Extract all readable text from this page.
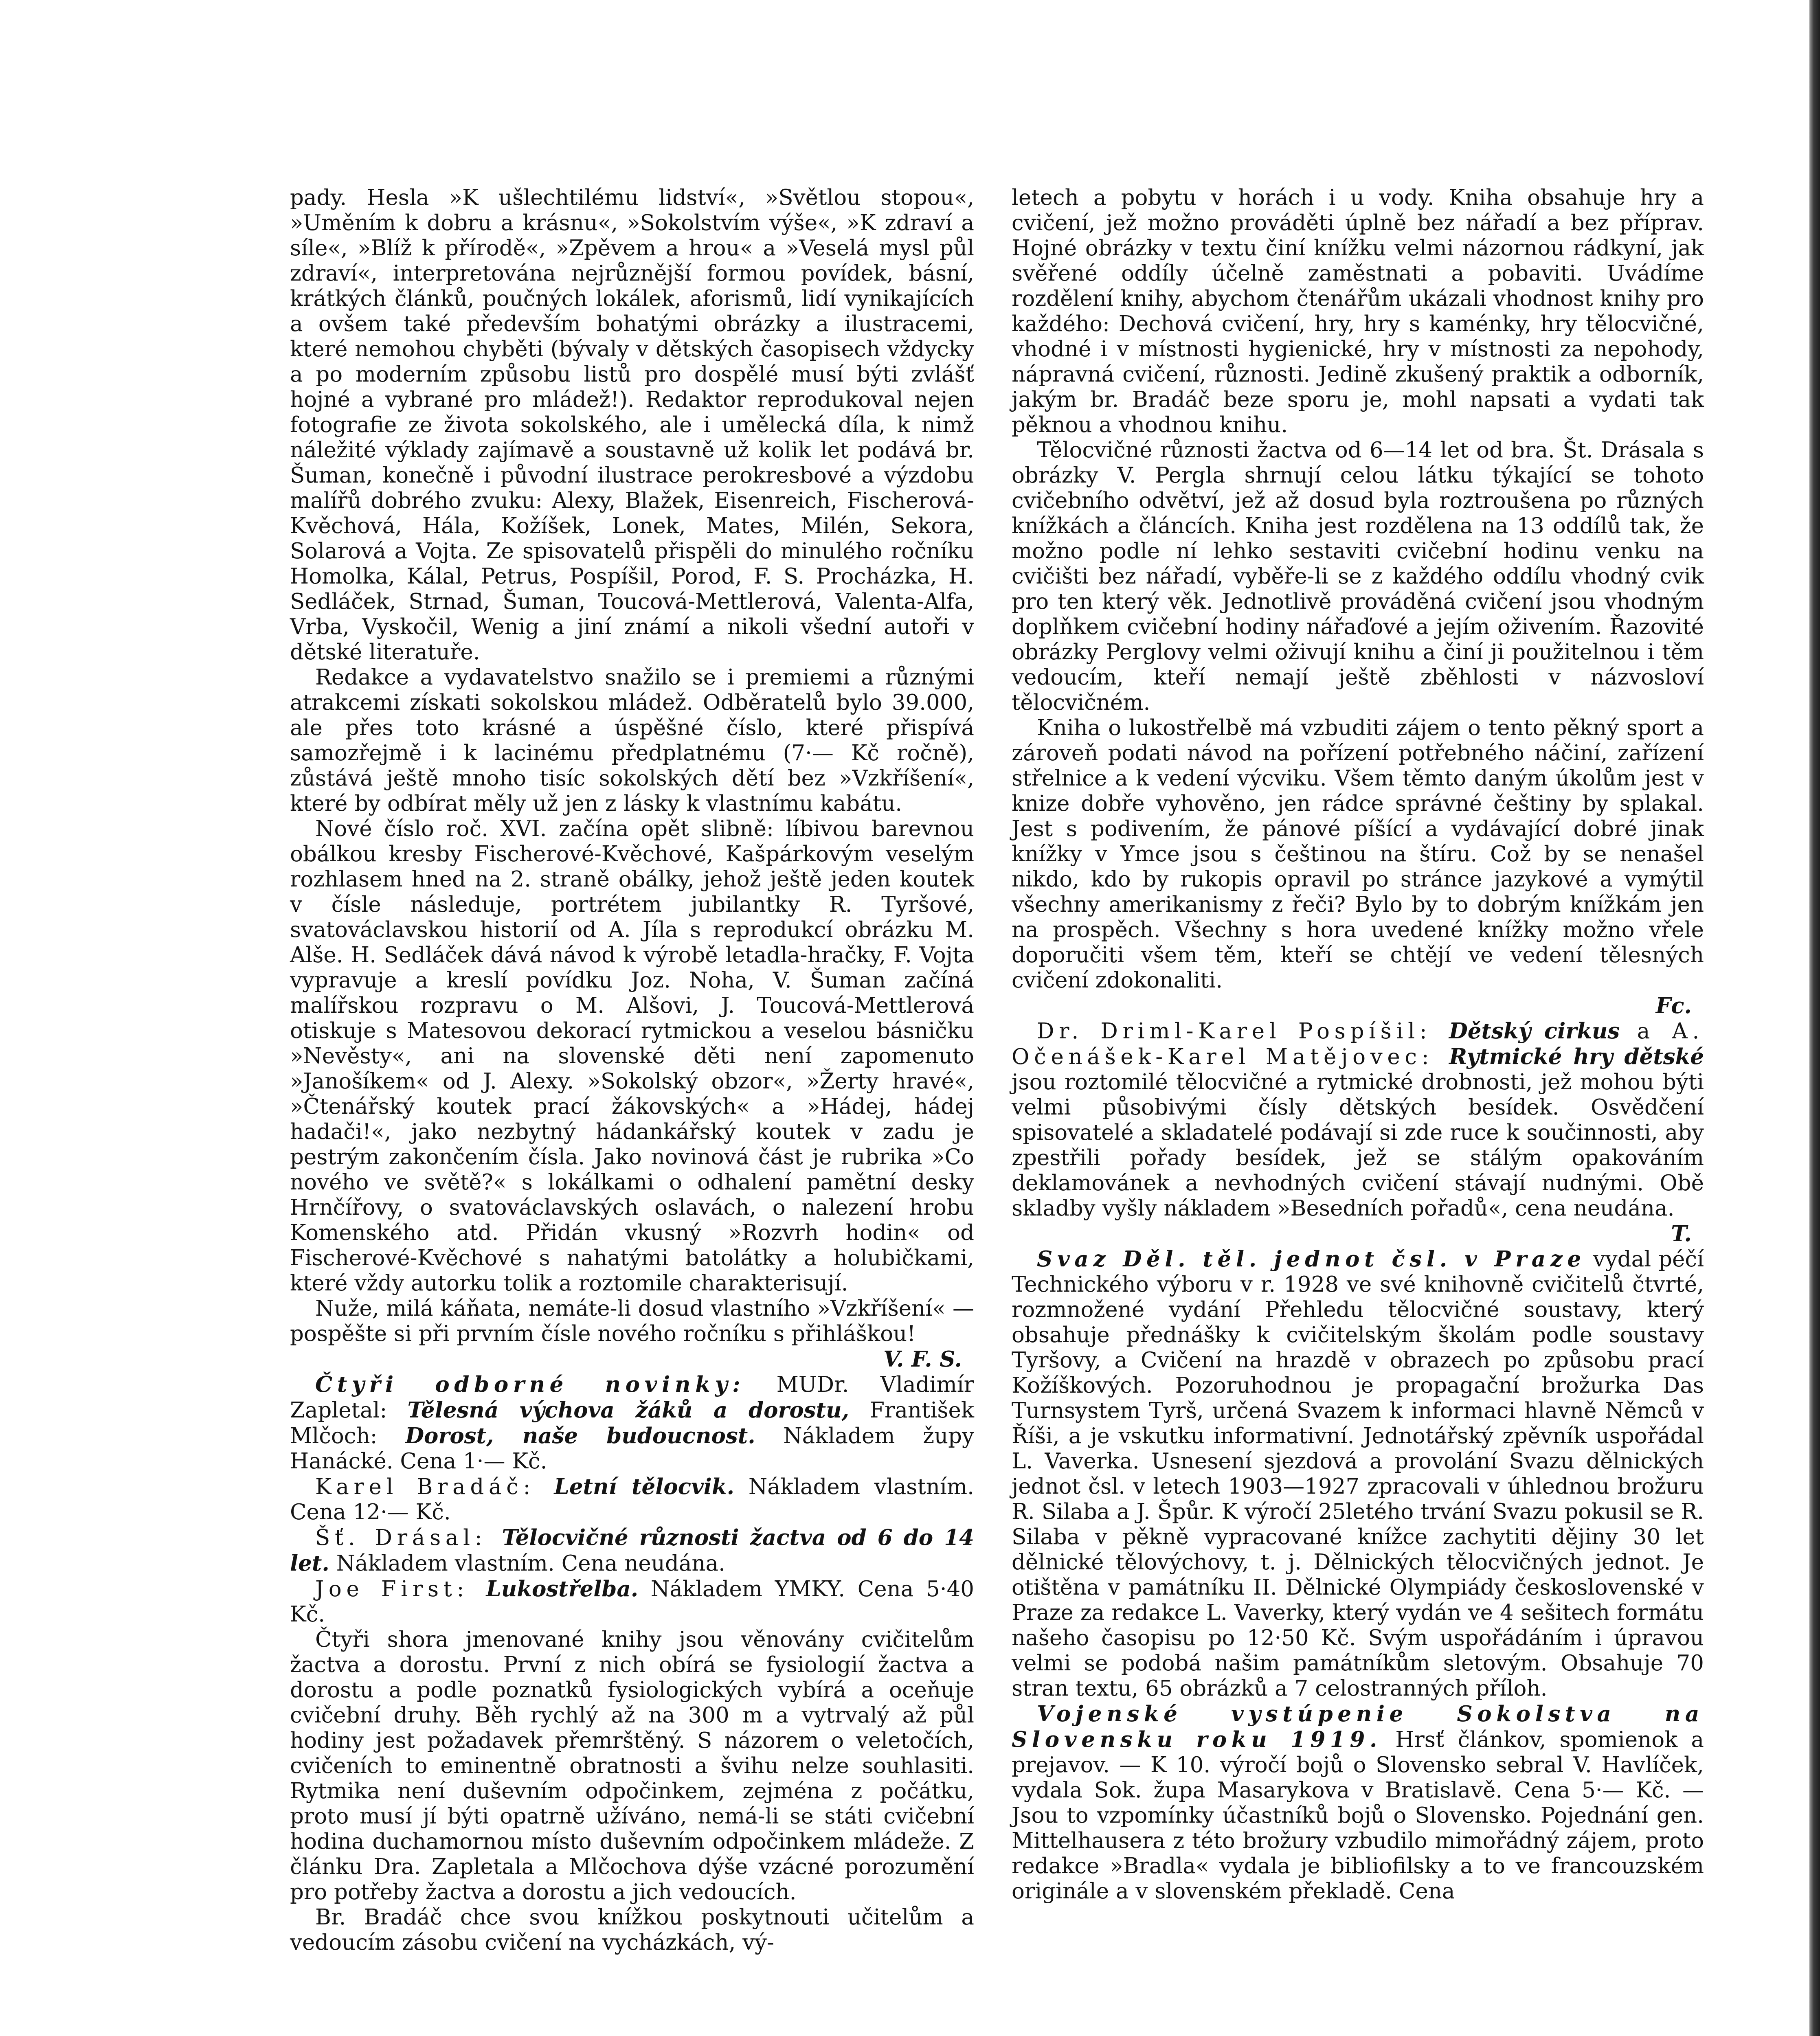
pady. Hesla »K ušlechtilému lidství«, »Světlou stopou«, »Uměním k dobru a krásnu«, »Sokolstvím výše«, »K zdraví a síle«, »Blíž k přírodě«, »Zpěvem a hrou« a »Veselá mysl půl zdraví«, interpretována nejrůznější formou povídek, básní, krátkých článků, poučných lokálek, aforismů, lidí vynikajících a ovšem také především bohatými obrázky a ilustracemi, které nemohou chyběti (bývaly v dětských časopisech vždycky a po moderním způsobu listů pro dospělé musí býti zvlášť hojné a vybrané pro mládež!). Redaktor reprodukoval nejen fotografie ze života sokolského, ale i umělecká díla, k nimž náležité výklady zajímavě a soustavně už kolik let podává br. Šuman, konečně i původní ilustrace perokresbové a výzdobu malířů dobrého zvuku: Alexy, Blažek, Eisenreich, Fischerová-Kvěchová, Hála, Kožíšek, Lonek, Mates, Milén, Sekora, Solarová a Vojta. Ze spisovatelů přispěli do minulého ročníku Homolka, Kálal, Petrus, Pospíšil, Porod, F. S. Procházka, H. Sedláček, Strnad, Šuman, Toucová-Mettlerová, Valenta-Alfa, Vrba, Vyskočil, Wenig a jiní známí a nikoli všední autoři v dětské literatuře.

Redakce a vydavatelstvo snažilo se i premiemi a různými atrakcemi získati sokolskou mládež. Odběratelů bylo 39.000, ale přes toto krásné a úspěšné číslo, které přispívá samozřejmě i k lacinému předplatnému (7·— Kč ročně), zůstává ještě mnoho tisíc sokolských dětí bez »Vzkříšení«, které by odbírat měly už jen z lásky k vlastnímu kabátu.

Nové číslo roč. XVI. začína opět slibně: líbivou barevnou obálkou kresby Fischerové-Kvěchové, Kašpárkovým veselým rozhlasem hned na 2. straně obálky, jehož ještě jeden koutek v čísle následuje, portrétem jubilantky R. Tyršové, svatováclavskou historií od A. Jíla s reprodukcí obrázku M. Alše. H. Sedláček dává návod k výrobě letadla-hračky, F. Vojta vypravuje a kreslí povídku Joz. Noha, V. Šuman začíná malířskou rozpravu o M. Alšovi, J. Toucová-Mettlerová otiskuje s Matesovou dekorací rytmickou a veselou básničku »Nevěsty«, ani na slovenské děti není zapomenuto »Janošíkem« od J. Alexy. »Sokolský obzor«, »Žerty hravé«, »Čtenářský koutek prací žákovských« a »Hádej, hádej hadači!«, jako nezbytný hádankářský koutek v zadu je pestrým zakončením čísla. Jako novinová část je rubrika »Co nového ve světě?« s lokálkami o odhalení pamětní desky Hrnčířovy, o svatováclavských oslavách, o nalezení hrobu Komenského atd. Přidán vkusný »Rozvrh hodin« od Fischerové-Kvěchové s nahatými batolátky a holubičkami, které vždy autorku tolik a roztomile charakterisují.

Nuže, milá káňata, nemáte-li dosud vlastního »Vzkříšení« — pospěšte si při prvním čísle nového ročníku s přihláškou!
V. F. S.

Čtyři odborné novinky: MUDr. Vladimír Zapletal: Tělesná výchova žáků a dorostu, František Mlčoch: Dorost, naše budoucnost. Nákladem župy Hanácké. Cena 1·— Kč.

Karel Bradáč: Letní tělocvik. Nákladem vlastním. Cena 12·— Kč.

Šť. Drásal: Tělocvičné různosti žactva od 6 do 14 let. Nákladem vlastním. Cena neudána.

Joe First: Lukostřelba. Nákladem YMKY. Cena 5·40 Kč.

Čtyři shora jmenované knihy jsou věnovány cvičitelům žactva a dorostu. První z nich obírá se fysiologií žactva a dorostu a podle poznatků fysiologických vybírá a oceňuje cvičební druhy. Běh rychlý až na 300 m a vytrvalý až půl hodiny jest požadavek přemrštěný. S názorem o veletočích, cvičeních to eminentně obratnosti a švihu nelze souhlasiti. Rytmika není duševním odpočinkem, zejména z počátku, proto musí jí býti opatrně užíváno, nemá-li se státi cvičební hodina duchamornou místo duševním odpočinkem mládeže. Z článku Dra. Zapletala a Mlčochova dýše vzácné porozumění pro potřeby žactva a dorostu a jich vedoucích.

Br. Bradáč chce svou knížkou poskytnouti učitelům a vedoucím zásobu cvičení na vycházkách, vý-

letech a pobytu v horách i u vody. Kniha obsahuje hry a cvičení, jež možno prováděti úplně bez nářadí a bez příprav. Hojné obrázky v textu činí knížku velmi názornou rádkyní, jak svěřené oddíly účelně zaměstnati a pobaviti. Uvádíme rozdělení knihy, abychom čtenářům ukázali vhodnost knihy pro každého: Dechová cvičení, hry, hry s kaménky, hry tělocvičné, vhodné i v místnosti hygienické, hry v místnosti za nepohody, nápravná cvičení, různosti. Jedině zkušený praktik a odborník, jakým br. Bradáč beze sporu je, mohl napsati a vydati tak pěknou a vhodnou knihu.

Tělocvičné různosti žactva od 6—14 let od bra. Št. Drásala s obrázky V. Pergla shrnují celou látku týkající se tohoto cvičebního odvětví, jež až dosud byla roztroušena po různých knížkách a článcích. Kniha jest rozdělena na 13 oddílů tak, že možno podle ní lehko sestaviti cvičební hodinu venku na cvičišti bez nářadí, vyběře-li se z každého oddílu vhodný cvik pro ten který věk. Jednotlivě prováděná cvičení jsou vhodným doplňkem cvičební hodiny nářaďové a jejím oživením. Řazovité obrázky Perglovy velmi oživují knihu a činí ji použitelnou i těm vedoucím, kteří nemají ještě zběhlosti v názvosloví tělocvičném.

Kniha o lukostřelbě má vzbuditi zájem o tento pěkný sport a zároveň podati návod na pořízení potřebného náčiní, zařízení střelnice a k vedení výcviku. Všem těmto daným úkolům jest v knize dobře vyhověno, jen rádce správné češtiny by splakal. Jest s podivením, že pánové píšící a vydávající dobré jinak knížky v Ymce jsou s češtinou na štíru. Což by se nenašel nikdo, kdo by rukopis opravil po stránce jazykové a vymýtil všechny amerikanismy z řeči? Bylo by to dobrým knížkám jen na prospěch. Všechny s hora uvedené knížky možno vřele doporučiti všem těm, kteří se chtějí ve vedení tělesných cvičení zdokonaliti.
Fc.

Dr. Driml-Karel Pospíšil: Dětský cirkus a A. Očenášek-Karel Matějovec: Rytmické hry dětské jsou roztomilé tělocvičné a rytmické drobnosti, jež mohou býti velmi působivými čísly dětských besídek. Osvědčení spisovatelé a skladatelé podávají si zde ruce k součinnosti, aby zpestřili pořady besídek, jež se stálým opakováním deklamovánek a nevhodných cvičení stávají nudnými. Obě skladby vyšly nákladem »Besedních pořadů«, cena neudána.
T.

Svaz Děl. těl. jednot čsl. v Praze vydal péčí Technického výboru v r. 1928 ve své knihovně cvičitelů čtvrté, rozmnožené vydání Přehledu tělocvičné soustavy, který obsahuje přednášky k cvičitelským školám podle soustavy Tyršovy, a Cvičení na hrazdě v obrazech po způsobu prací Kožíškových. Pozoruhodnou je propagační brožurka Das Turnsystem Tyrš, určená Svazem k informaci hlavně Němců v Říši, a je vskutku informativní. Jednotářský zpěvník uspořádal L. Vaverka. Usnesení sjezdová a provolání Svazu dělnických jednot čsl. v letech 1903—1927 zpracovali v úhlednou brožuru R. Silaba a J. Špůr. K výročí 25letého trvání Svazu pokusil se R. Silaba v pěkně vypracované knížce zachytiti dějiny 30 let dělnické tělovýchovy, t. j. Dělnických tělocvičných jednot. Je otištěna v památníku II. Dělnické Olympiády československé v Praze za redakce L. Vaverky, který vydán ve 4 sešitech formátu našeho časopisu po 12·50 Kč. Svým uspořádáním i úpravou velmi se podobá našim památníkům sletovým. Obsahuje 70 stran textu, 65 obrázků a 7 celostranných příloh.

Vojenské vystúpenie Sokolstva na Slovensku roku 1919. Hrsť článkov, spomienok a prejavov. — K 10. výročí bojů o Slovensko sebral V. Havlíček, vydala Sok. župa Masarykova v Bratislavě. Cena 5·— Kč. — Jsou to vzpomínky účastníků bojů o Slovensko. Pojednání gen. Mittelhausera z této brožury vzbudilo mimořádný zájem, proto redakce »Bradla« vydala je bibliofilsky a to ve francouzském originále a v slovenském překladě. Cena
